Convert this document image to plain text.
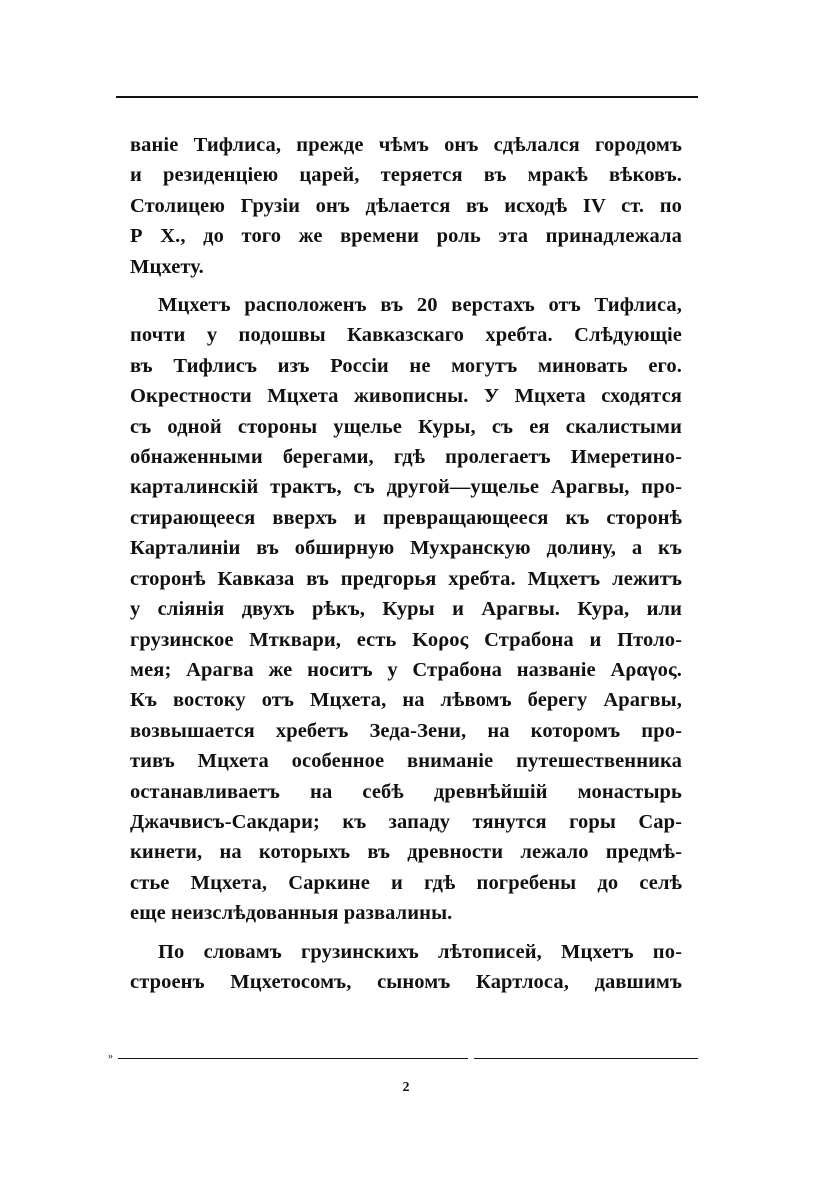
ваніе Тифлиса, прежде чѣмъ онъ сдѣлался городомъ
и резиденціею царей, теряется въ мракѣ вѣковъ.
Столицею Грузіи онъ дѣлается въ исходѣ IV ст. по
Р Х., до того же времени роль эта принадлежала
Мцхету.

Мцхетъ расположенъ въ 20 верстахъ отъ Тифлиса,
почти у подошвы Кавказскаго хребта. Слѣдующіе
въ Тифлисъ изъ Россіи не могутъ миновать его.
Окрестности Мцхета живописны. У Мцхета сходятся
съ одной стороны ущелье Куры, съ ея скалистыми
обнаженными берегами, гдѣ пролегаетъ Имеретино-
карталинскій трактъ, съ другой—ущелье Арагвы, про-
стирающееся вверхъ и превращающееся къ сторонѣ
Карталиніи въ обширную Мухранскую долину, а къ
сторонѣ Кавказа въ предгорья хребта. Мцхетъ лежитъ
у слiянія двухъ рѣкъ, Куры и Арагвы. Кура, или
грузинское Мтквари, есть Κορος Страбона и Птоло-
мея; Арагва же носитъ у Страбона названіе Αραγος.
Къ востоку отъ Мцхета, на лѣвомъ берегу Арагвы,
возвышается хребетъ Зеда-Зени, на которомъ про-
тивъ Мцхета особенное вниманіе путешественника
останавливаетъ на себѣ древнѣйшій монастырь
Джачвисъ-Сакдари; къ западу тянутся горы Сар-
кинети, на которыхъ въ древности лежало предмѣ-
стье Мцхета, Саркине и гдѣ погребены до селѣ
еще неизслѣдованныя развалины.

По словамъ грузинскихъ лѣтописей, Мцхетъ по-
строенъ Мцхетосомъ, сыномъ Картлоса, давшимъ

»
2
